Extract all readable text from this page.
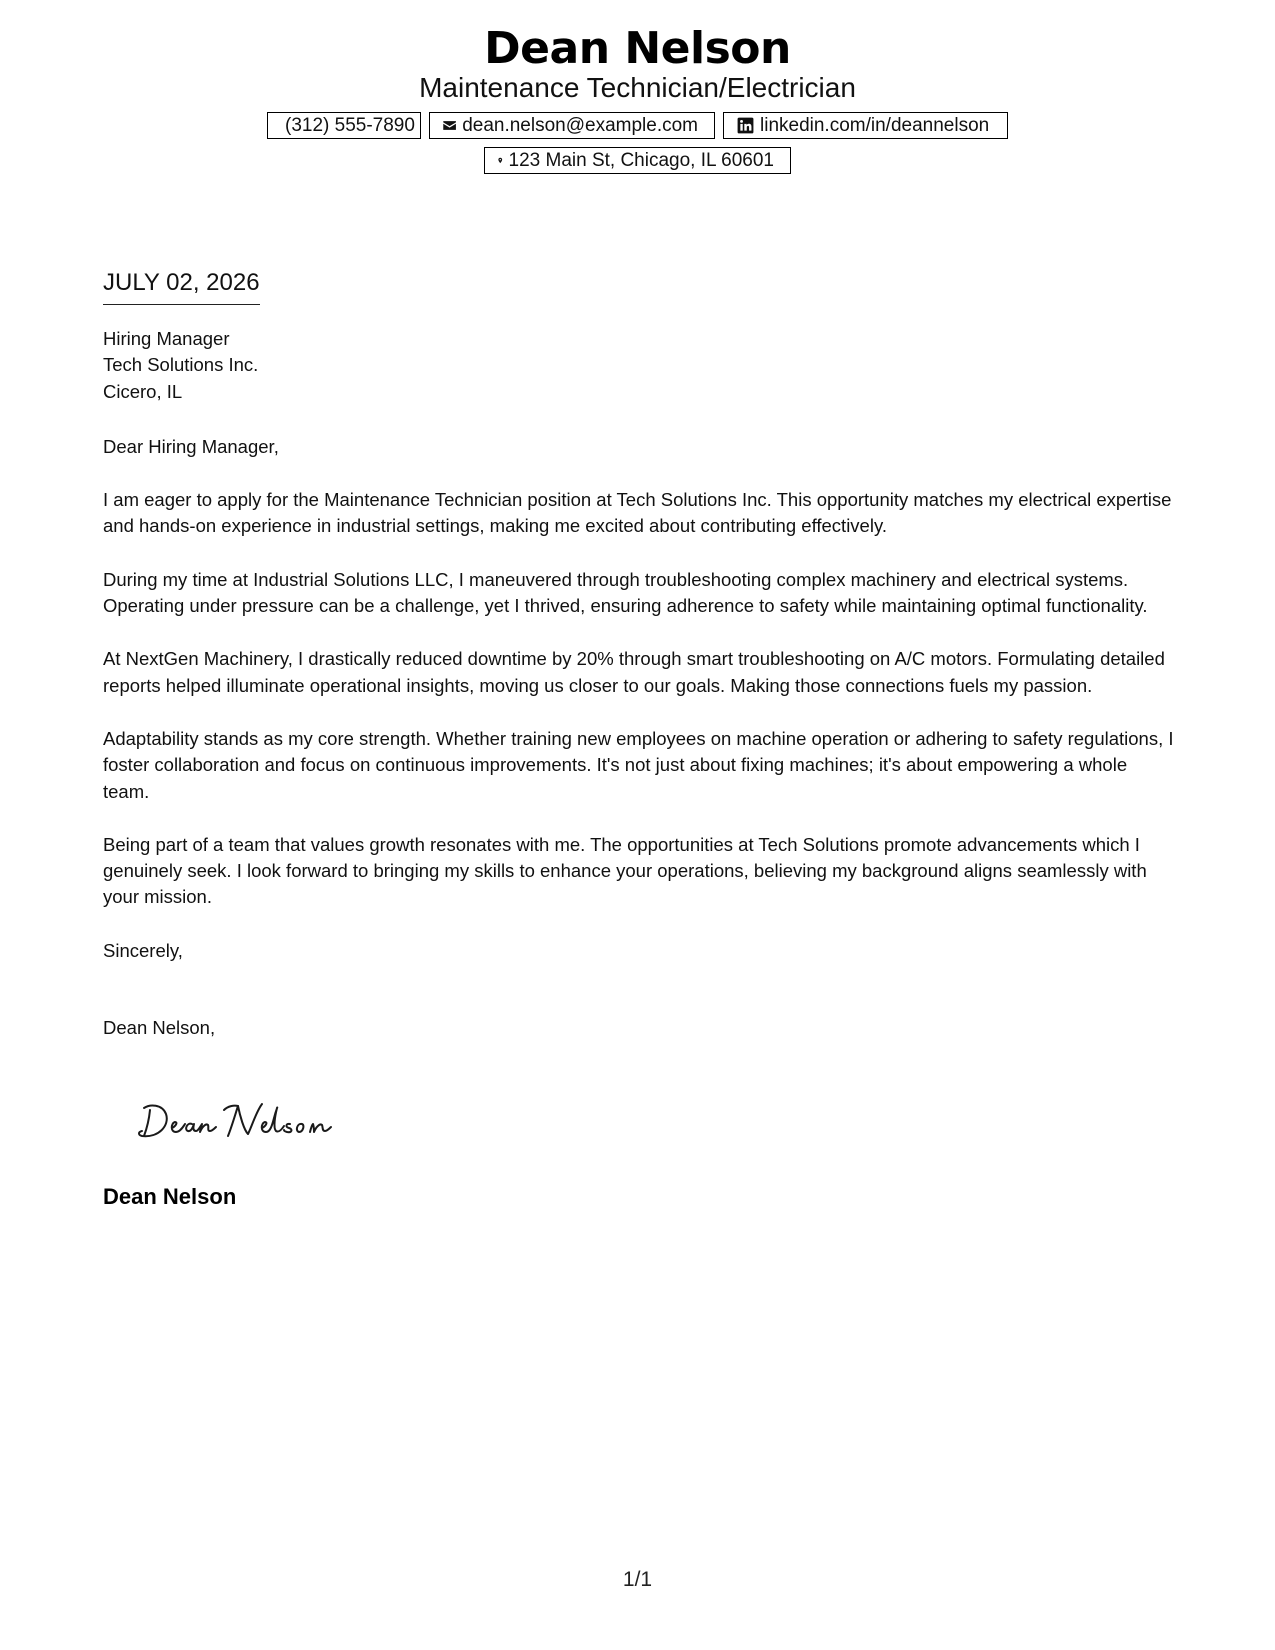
Dean Nelson
Maintenance Technician/Electrician
(312) 555-7890 dean.nelson@example.com	linkedin.com/in/deannelson
123 Main St, Chicago, IL 60601
JULY 02, 2026
Hiring Manager
Tech Solutions Inc.
Cicero, IL
Dear Hiring Manager,
I am eager to apply for the Maintenance Technician position at Tech Solutions Inc. This opportunity matches my electrical expertise and hands-on experience in industrial settings, making me excited about contributing effectively.
During my time at Industrial Solutions LLC, I maneuvered through troubleshooting complex machinery and electrical systems. Operating under pressure can be a challenge, yet I thrived, ensuring adherence to safety while maintaining optimal functionality.
At NextGen Machinery, I drastically reduced downtime by 20% through smart troubleshooting on A/C motors. Formulating detailed reports helped illuminate operational insights, moving us closer to our goals. Making those connections fuels my passion.
Adaptability stands as my core strength. Whether training new employees on machine operation or adhering to safety regulations, I foster collaboration and focus on continuous improvements. It's not just about fixing machines; it's about empowering a whole team.
Being part of a team that values growth resonates with me. The opportunities at Tech Solutions promote advancements which I genuinely seek. I look forward to bringing my skills to enhance your operations, believing my background aligns seamlessly with your mission.
Sincerely,
Dean Nelson,
Dean Nelson
1/1
